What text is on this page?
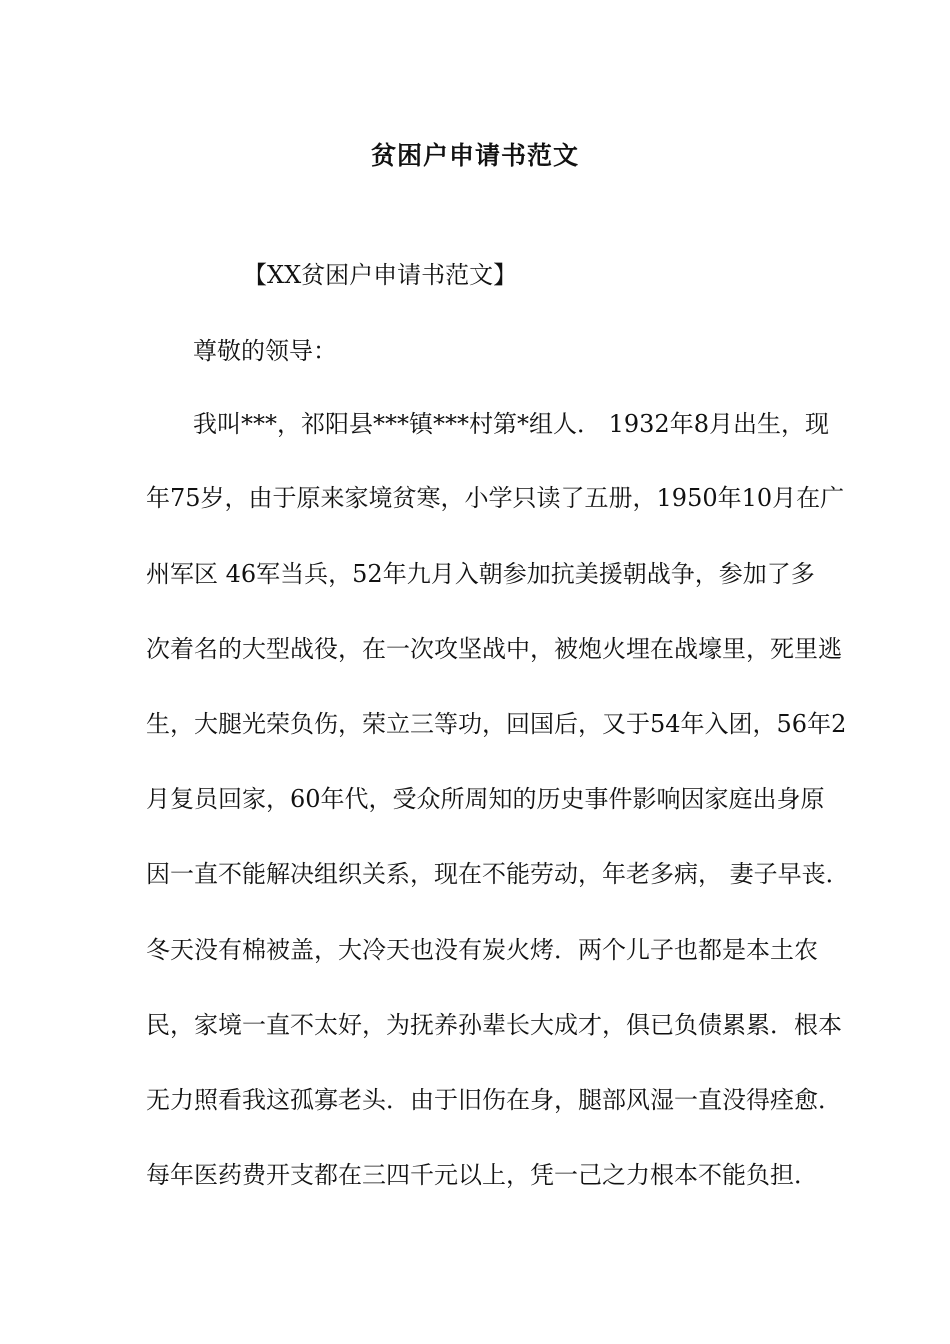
贫困户申请书范文
【XX贫困户申请书范文】
尊敬的领导：
我叫***，祁阳县***镇***村第*组人． 1932年8月出生，现
年75岁，由于原来家境贫寒，小学只读了五册，1950年10月在广
州军区 46军当兵，52年九月入朝参加抗美援朝战争，参加了多
次着名的大型战役，在一次攻坚战中，被炮火埋在战壕里，死里逃
生，大腿光荣负伤，荣立三等功，回国后，又于54年入团，56年2
月复员回家，60年代，受众所周知的历史事件影响因家庭出身原
因一直不能解决组织关系，现在不能劳动，年老多病， 妻子早丧．
冬天没有棉被盖，大冷天也没有炭火烤．两个儿子也都是本土农
民，家境一直不太好，为抚养孙辈长大成才，俱已负债累累．根本
无力照看我这孤寡老头．由于旧伤在身，腿部风湿一直没得痊愈．
每年医药费开支都在三四千元以上，凭一己之力根本不能负担．
